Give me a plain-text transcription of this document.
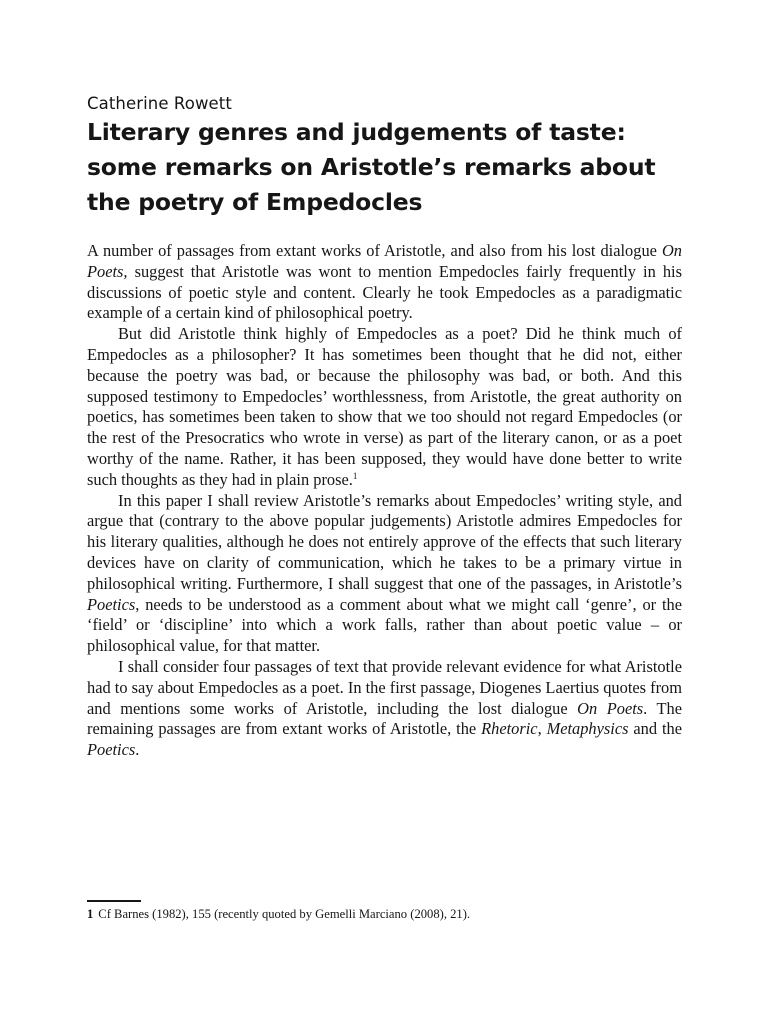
Catherine Rowett

Literary genres and judgements of taste:
some remarks on Aristotle’s remarks about
the poetry of Empedocles

A number of passages from extant works of Aristotle, and also from his lost dialogue On Poets, suggest that Aristotle was wont to mention Empedocles fairly frequently in his discussions of poetic style and content. Clearly he took Empedocles as a paradigmatic example of a certain kind of philosophical poetry.

But did Aristotle think highly of Empedocles as a poet? Did he think much of Empedocles as a philosopher? It has sometimes been thought that he did not, either because the poetry was bad, or because the philosophy was bad, or both. And this supposed testimony to Empedocles’ worthlessness, from Aristotle, the great authority on poetics, has sometimes been taken to show that we too should not regard Empedocles (or the rest of the Presocratics who wrote in verse) as part of the literary canon, or as a poet worthy of the name. Rather, it has been supposed, they would have done better to write such thoughts as they had in plain prose.$^1$

In this paper I shall review Aristotle’s remarks about Empedocles’ writing style, and argue that (contrary to the above popular judgements) Aristotle admires Empedocles for his literary qualities, although he does not entirely approve of the effects that such literary devices have on clarity of communication, which he takes to be a primary virtue in philosophical writing. Furthermore, I shall suggest that one of the passages, in Aristotle’s Poetics, needs to be understood as a comment about what we might call ‘genre’, or the ‘field’ or ‘discipline’ into which a work falls, rather than about poetic value – or philosophical value, for that matter.

I shall consider four passages of text that provide relevant evidence for what Aristotle had to say about Empedocles as a poet. In the first passage, Diogenes Laertius quotes from and mentions some works of Aristotle, including the lost dialogue On Poets. The remaining passages are from extant works of Aristotle, the Rhetoric, Metaphysics and the Poetics.

1 Cf Barnes (1982), 155 (recently quoted by Gemelli Marciano (2008), 21).
